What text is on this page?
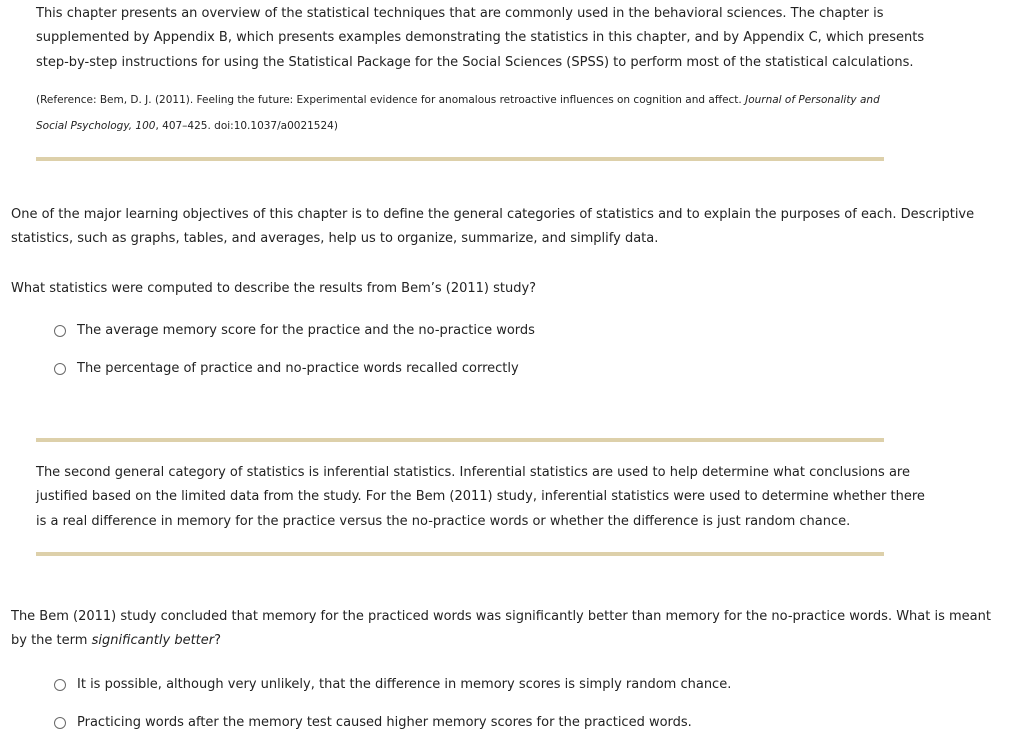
This chapter presents an overview of the statistical techniques that are commonly used in the behavioral sciences. The chapter is

supplemented by Appendix B, which presents examples demonstrating the statistics in this chapter, and by Appendix C, which presents

step-by-step instructions for using the Statistical Package for the Social Sciences (SPSS) to perform most of the statistical calculations.

(Reference: Bem, D. J. (2011). Feeling the future: Experimental evidence for anomalous retroactive influences on cognition and affect. Journal of Personality and
Social Psychology, 100, 407–425. doi:10.1037/a0021524)

One of the major learning objectives of this chapter is to define the general categories of statistics and to explain the purposes of each. Descriptive

statistics, such as graphs, tables, and averages, help us to organize, summarize, and simplify data.

What statistics were computed to describe the results from Bem’s (2011) study?
The average memory score for the practice and the no-practice words
The percentage of practice and no-practice words recalled correctly

The second general category of statistics is inferential statistics. Inferential statistics are used to help determine what conclusions are

justified based on the limited data from the study. For the Bem (2011) study, inferential statistics were used to determine whether there

is a real difference in memory for the practice versus the no-practice words or whether the difference is just random chance.

The Bem (2011) study concluded that memory for the practiced words was significantly better than memory for the no-practice words. What is meant

by the term significantly better?

It is possible, although very unlikely, that the difference in memory scores is simply random chance.
Practicing words after the memory test caused higher memory scores for the practiced words.
